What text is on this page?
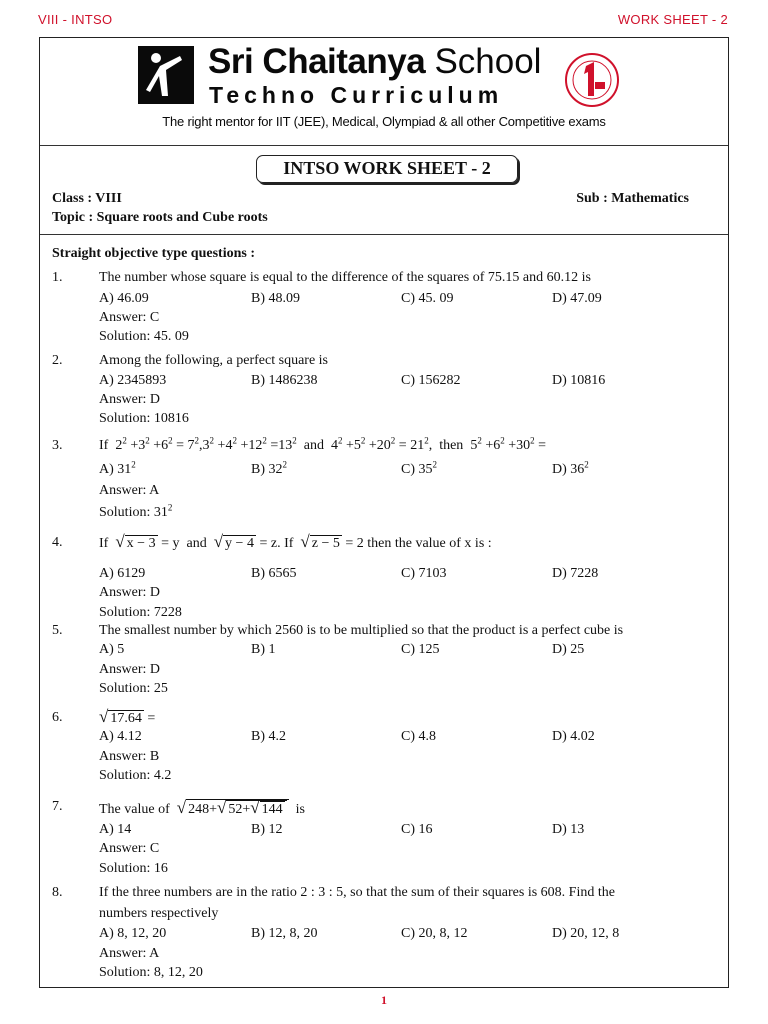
VIII - INTSO	WORK SHEET - 2
Sri Chaitanya School
Techno Curriculum
The right mentor for IIT (JEE), Medical, Olympiad & all other Competitive exams
INTSO WORK SHEET - 2
Class : VIII	Sub : Mathematics
Topic : Square roots and Cube roots
Straight objective type questions :
1.	The number whose square is equal to the difference of the squares of 75.15 and 60.12 is
A) 46.09	B) 48.09	C) 45. 09	D) 47.09
Answer: C
Solution: 45. 09
2.	Among the following, a perfect square is
A) 2345893	B) 1486238	C) 156282	D) 10816
Answer: D
Solution: 10816
3.	If  $2^2 +3^2 +6^2 = 7^2,3^2 +4^2 +12^2 =13^2$ and  $4^2 +5^2 +20^2 = 21^2$,  then  $5^2 +6^2 +30^2$ =
A) $31^2$	B) $32^2$	C) $35^2$	D) $36^2$
Answer: A
Solution: $31^2$
4.	If √ x − 3 = y and √ y − 4 = z. If √ z − 5 = 2 then the value of x is :
A) 6129	B) 6565	C) 7103	D) 7228
Answer: D
Solution: 7228
5.	The smallest number by which 2560 is to be multiplied so that the product is a perfect cube is
A) 5	B) 1	C) 125	D) 25
Answer: D
Solution: 25
6. √ 17.64 =
A) 4.12	B) 4.2	C) 4.8	D) 4.02
Answer: B
Solution: 4.2
7.	The value of √ 248+√ 52+√ 144 is
A) 14	B) 12	C) 16	D) 13
Answer: C
Solution: 16
8.	If the three numbers are in the ratio 2 : 3 : 5, so that the sum of their squares is 608. Find the
numbers respectively
A) 8, 12, 20	B) 12, 8, 20	C) 20, 8, 12	D) 20, 12, 8
Answer: A
Solution: 8, 12, 20
1
